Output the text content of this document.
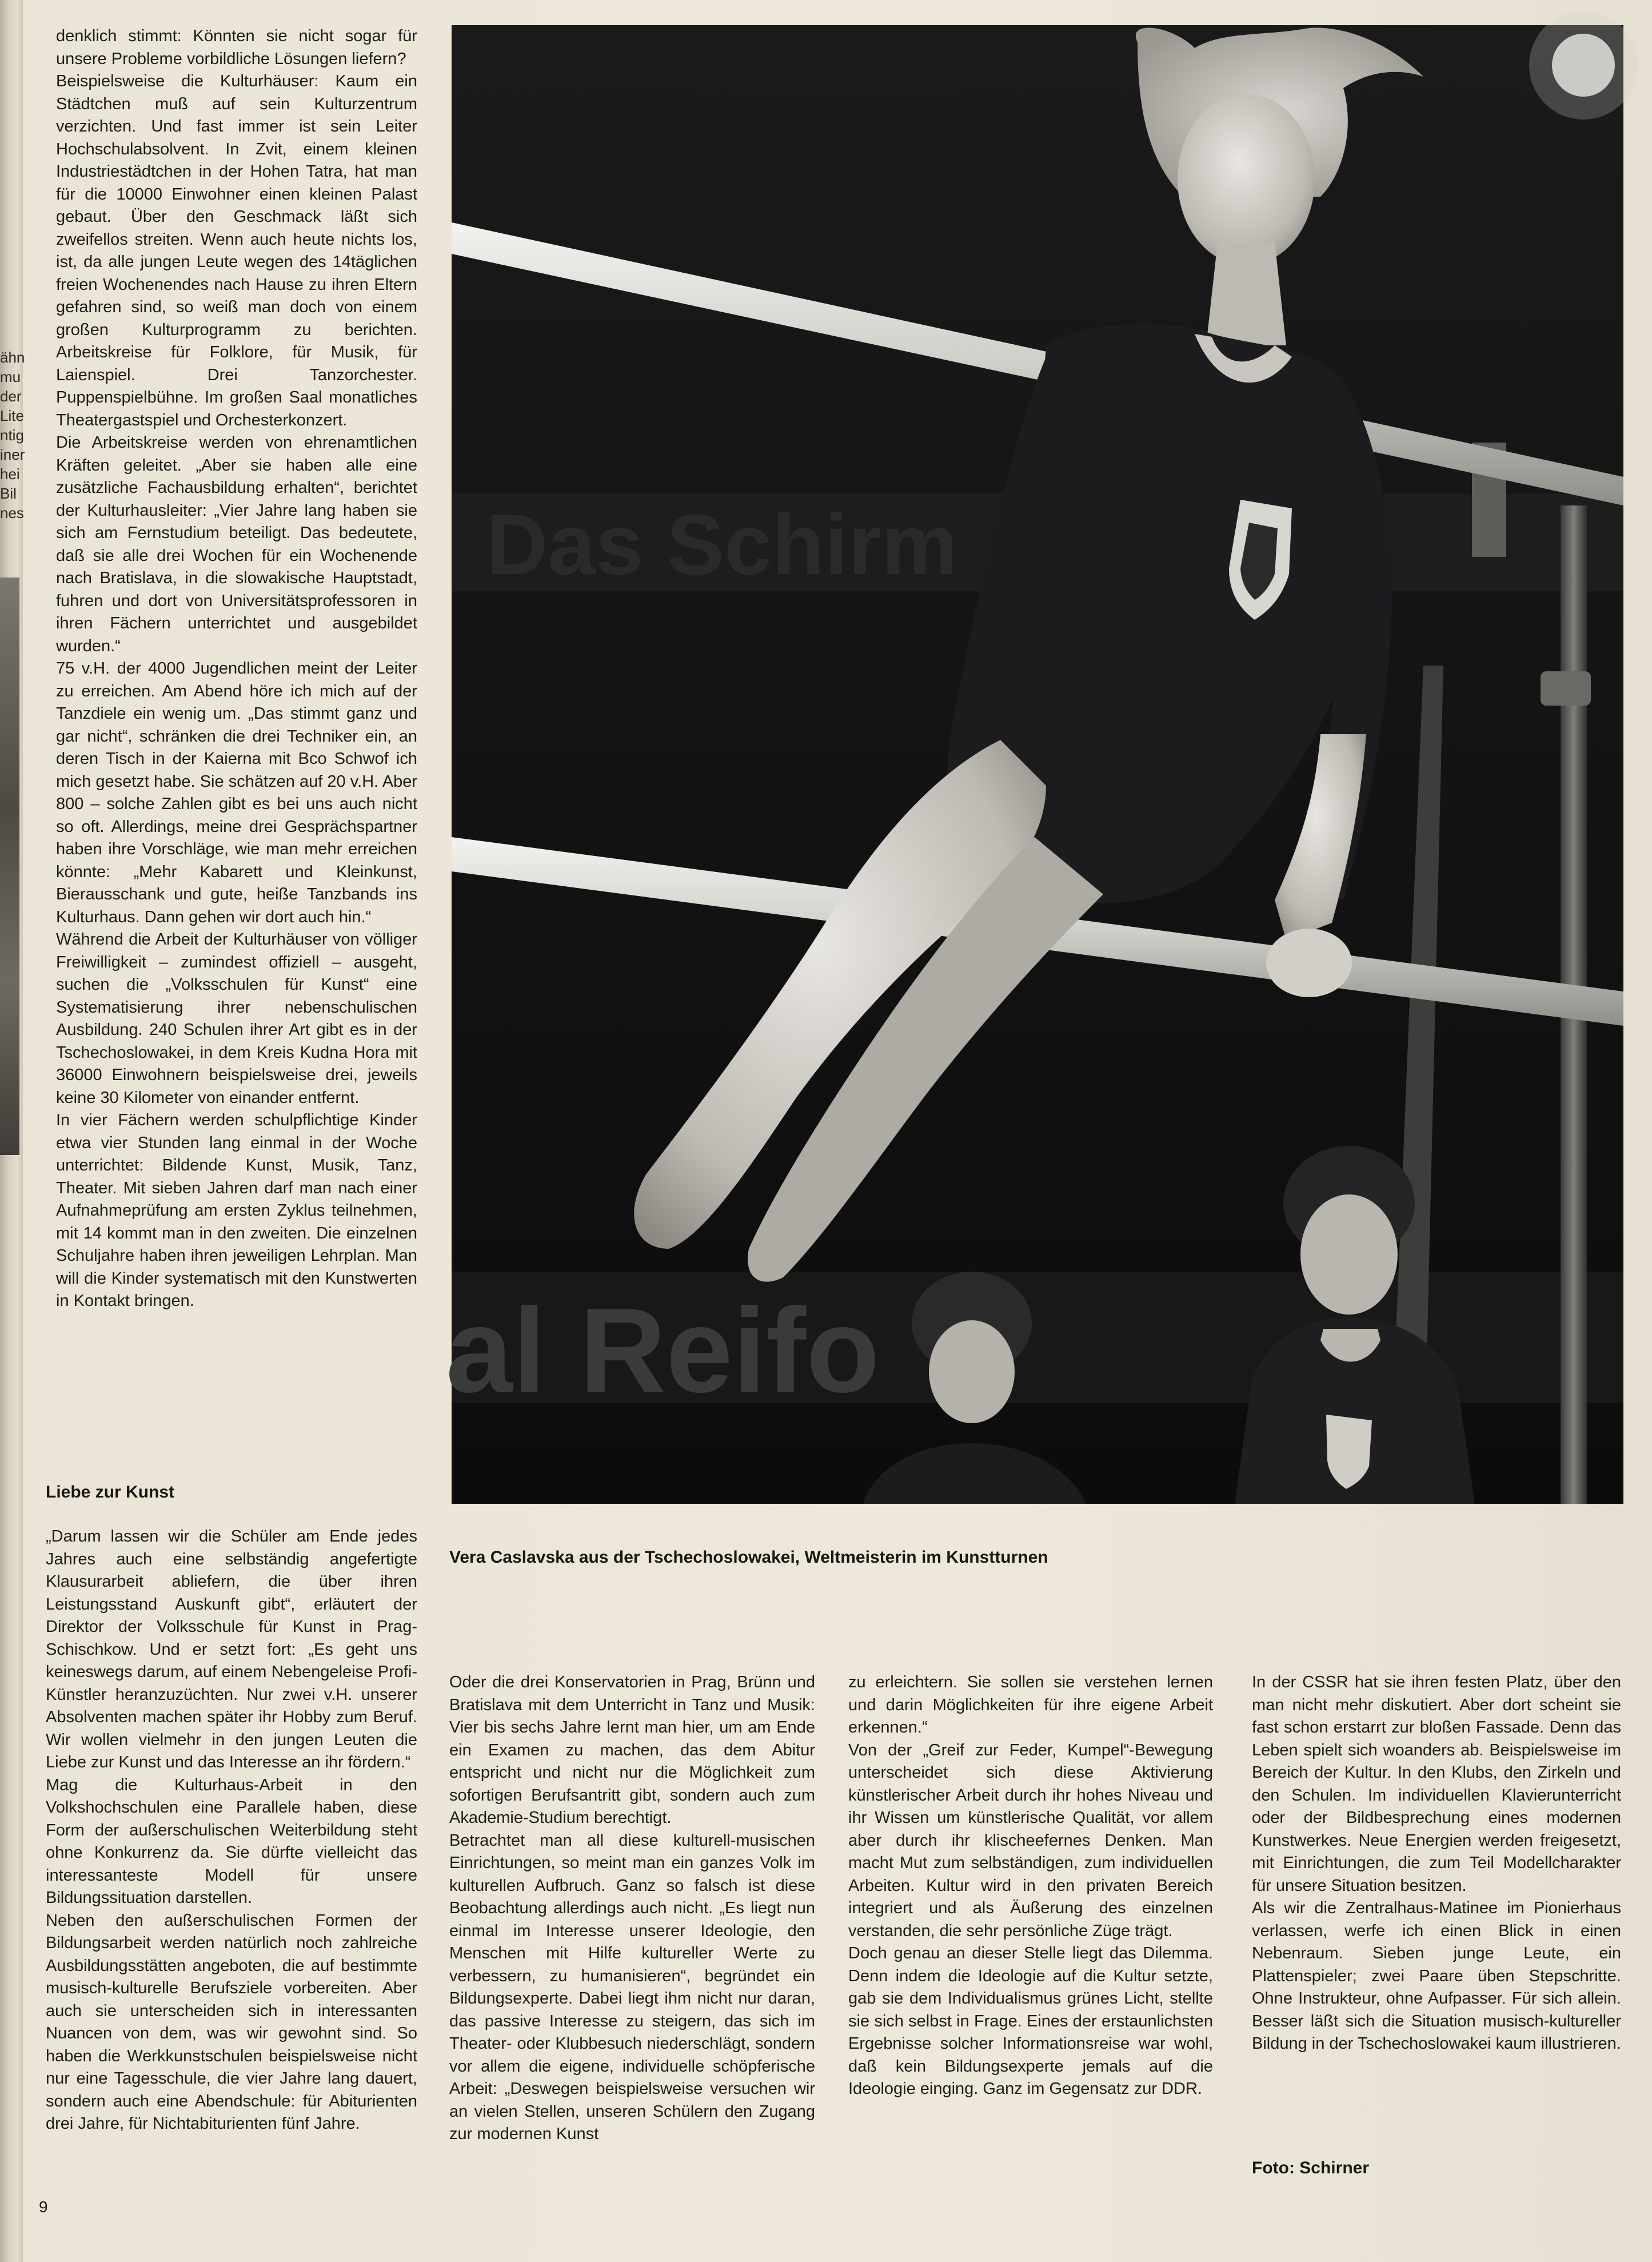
ähn
mu
der
Lite
ntig
iner
hei
Bil
nes

denklich stimmt: Könnten sie nicht sogar für unsere Probleme vorbildliche Lösungen liefern?

Beispielsweise die Kulturhäuser: Kaum ein Städtchen muß auf sein Kulturzentrum verzichten. Und fast immer ist sein Leiter Hochschulabsolvent. In Zvit, einem kleinen Industriestädtchen in der Hohen Tatra, hat man für die 10000 Einwohner einen kleinen Palast gebaut. Über den Geschmack läßt sich zweifellos streiten. Wenn auch heute nichts los, ist, da alle jungen Leute wegen des 14täglichen freien Wochenendes nach Hause zu ihren Eltern gefahren sind, so weiß man doch von einem großen Kulturprogramm zu berichten. Arbeitskreise für Folklore, für Musik, für Laienspiel. Drei Tanzorchester. Puppenspielbühne. Im großen Saal monatliches Theatergastspiel und Orchesterkonzert.

Die Arbeitskreise werden von ehrenamtlichen Kräften geleitet. „Aber sie haben alle eine zusätzliche Fachausbildung erhalten“, berichtet der Kulturhausleiter: „Vier Jahre lang haben sie sich am Fernstudium beteiligt. Das bedeutete, daß sie alle drei Wochen für ein Wochenende nach Bratislava, in die slowakische Hauptstadt, fuhren und dort von Universitätsprofessoren in ihren Fächern unterrichtet und ausgebildet wurden.“

75 v.H. der 4000 Jugendlichen meint der Leiter zu erreichen. Am Abend höre ich mich auf der Tanzdiele ein wenig um. „Das stimmt ganz und gar nicht“, schränken die drei Techniker ein, an deren Tisch in der Kaierna mit Bco Schwof ich mich gesetzt habe. Sie schätzen auf 20 v.H. Aber 800 – solche Zahlen gibt es bei uns auch nicht so oft. Allerdings, meine drei Gesprächspartner haben ihre Vorschläge, wie man mehr erreichen könnte: „Mehr Kabarett und Kleinkunst, Bierausschank und gute, heiße Tanzbands ins Kulturhaus. Dann gehen wir dort auch hin.“

Während die Arbeit der Kulturhäuser von völliger Freiwilligkeit – zumindest offiziell – ausgeht, suchen die „Volksschulen für Kunst“ eine Systematisierung ihrer nebenschulischen Ausbildung. 240 Schulen ihrer Art gibt es in der Tschechoslowakei, in dem Kreis Kudna Hora mit 36000 Einwohnern beispielsweise drei, jeweils keine 30 Kilometer von einander entfernt.

In vier Fächern werden schulpflichtige Kinder etwa vier Stunden lang einmal in der Woche unterrichtet: Bildende Kunst, Musik, Tanz, Theater. Mit sieben Jahren darf man nach einer Aufnahmeprüfung am ersten Zyklus teilnehmen, mit 14 kommt man in den zweiten. Die einzelnen Schuljahre haben ihren jeweiligen Lehrplan. Man will die Kinder systematisch mit den Kunstwerten in Kontakt bringen.

Liebe zur Kunst

„Darum lassen wir die Schüler am Ende jedes Jahres auch eine selbständig angefertigte Klausurarbeit abliefern, die über ihren Leistungsstand Auskunft gibt“, erläutert der Direktor der Volksschule für Kunst in Prag-Schischkow. Und er setzt fort: „Es geht uns keineswegs darum, auf einem Nebengeleise Profi-Künstler heranzuzüchten. Nur zwei v.H. unserer Absolventen machen später ihr Hobby zum Beruf. Wir wollen vielmehr in den jungen Leuten die Liebe zur Kunst und das Interesse an ihr fördern.“

Mag die Kulturhaus-Arbeit in den Volkshochschulen eine Parallele haben, diese Form der außerschulischen Weiterbildung steht ohne Konkurrenz da. Sie dürfte vielleicht das interessanteste Modell für unsere Bildungssituation darstellen.

Neben den außerschulischen Formen der Bildungsarbeit werden natürlich noch zahlreiche Ausbildungsstätten angeboten, die auf bestimmte musisch-kulturelle Berufsziele vorbereiten. Aber auch sie unterscheiden sich in interessanten Nuancen von dem, was wir gewohnt sind. So haben die Werkkunstschulen beispielsweise nicht nur eine Tagesschule, die vier Jahre lang dauert, sondern auch eine Abendschule: für Abiturienten drei Jahre, für Nichtabiturienten fünf Jahre.

Das Schirm
al Reifo
Vera Caslavska aus der Tschechoslowakei, Weltmeisterin im Kunstturnen

Oder die drei Konservatorien in Prag, Brünn und Bratislava mit dem Unterricht in Tanz und Musik: Vier bis sechs Jahre lernt man hier, um am Ende ein Examen zu machen, das dem Abitur entspricht und nicht nur die Möglichkeit zum sofortigen Berufsantritt gibt, sondern auch zum Akademie-Studium berechtigt.

Betrachtet man all diese kulturell-musischen Einrichtungen, so meint man ein ganzes Volk im kulturellen Aufbruch. Ganz so falsch ist diese Beobachtung allerdings auch nicht. „Es liegt nun einmal im Interesse unserer Ideologie, den Menschen mit Hilfe kultureller Werte zu verbessern, zu humanisieren“, begründet ein Bildungsexperte. Dabei liegt ihm nicht nur daran, das passive Interesse zu steigern, das sich im Theater- oder Klubbesuch niederschlägt, sondern vor allem die eigene, individuelle schöpferische Arbeit: „Deswegen beispielsweise versuchen wir an vielen Stellen, unseren Schülern den Zugang zur modernen Kunst

zu erleichtern. Sie sollen sie verstehen lernen und darin Möglichkeiten für ihre eigene Arbeit erkennen.“

Von der „Greif zur Feder, Kumpel“-Bewegung unterscheidet sich diese Aktivierung künstlerischer Arbeit durch ihr hohes Niveau und ihr Wissen um künstlerische Qualität, vor allem aber durch ihr klischeefernes Denken. Man macht Mut zum selbständigen, zum individuellen Arbeiten. Kultur wird in den privaten Bereich integriert und als Äußerung des einzelnen verstanden, die sehr persönliche Züge trägt.

Doch genau an dieser Stelle liegt das Dilemma. Denn indem die Ideologie auf die Kultur setzte, gab sie dem Individualismus grünes Licht, stellte sie sich selbst in Frage. Eines der erstaunlichsten Ergebnisse solcher Informationsreise war wohl, daß kein Bildungsexperte jemals auf die Ideologie einging. Ganz im Gegensatz zur DDR.

In der CSSR hat sie ihren festen Platz, über den man nicht mehr diskutiert. Aber dort scheint sie fast schon erstarrt zur bloßen Fassade. Denn das Leben spielt sich woanders ab. Beispielsweise im Bereich der Kultur. In den Klubs, den Zirkeln und den Schulen. Im individuellen Klavierunterricht oder der Bildbesprechung eines modernen Kunstwerkes. Neue Energien werden freigesetzt, mit Einrichtungen, die zum Teil Modellcharakter für unsere Situation besitzen.

Als wir die Zentralhaus-Matinee im Pionierhaus verlassen, werfe ich einen Blick in einen Nebenraum. Sieben junge Leute, ein Plattenspieler; zwei Paare üben Stepschritte. Ohne Instrukteur, ohne Aufpasser. Für sich allein. Besser läßt sich die Situation musisch-kultureller Bildung in der Tschechoslowakei kaum illustrieren.

Foto: Schirner
9
